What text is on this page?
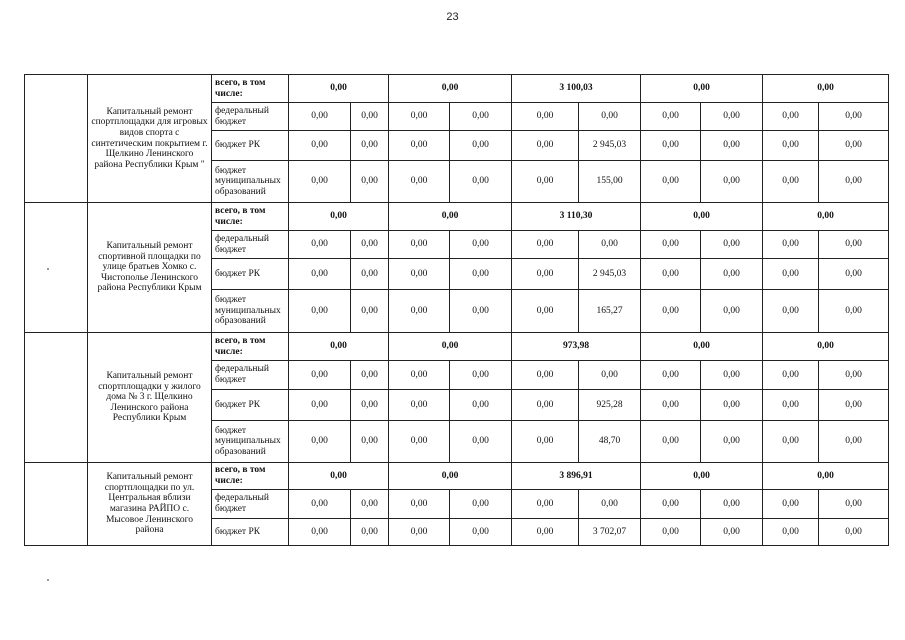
23
	Капитальный ремонт спортплощадки для игровых видов спорта с синтетическим покрытием г. Щелкино Ленинского района Республики Крым "	всего, в том числе:	0,00		0,00		3 100,03		0,00		0,00	
		федеральный бюджет	0,00	0,00	0,00	0,00	0,00	0,00	0,00	0,00	0,00	0,00
		бюджет РК	0,00	0,00	0,00	0,00	0,00	2 945,03	0,00	0,00	0,00	0,00
		бюджет муниципальных образований	0,00	0,00	0,00	0,00	0,00	155,00	0,00	0,00	0,00	0,00
	Капитальный ремонт спортивной площадки по улице братьев Хомко с. Чистополье Ленинского района Республики Крым	всего, в том числе:	0,00		0,00		3 110,30		0,00		0,00	
		федеральный бюджет	0,00	0,00	0,00	0,00	0,00	0,00	0,00	0,00	0,00	0,00
		бюджет РК	0,00	0,00	0,00	0,00	0,00	2 945,03	0,00	0,00	0,00	0,00
		бюджет муниципальных образований	0,00	0,00	0,00	0,00	0,00	165,27	0,00	0,00	0,00	0,00
	Капитальный ремонт спортплощадки у жилого дома № 3 г. Щелкино Ленинского района Республики Крым	всего, в том числе:	0,00		0,00		973,98		0,00		0,00	
		федеральный бюджет	0,00	0,00	0,00	0,00	0,00	0,00	0,00	0,00	0,00	0,00
		бюджет РК	0,00	0,00	0,00	0,00	0,00	925,28	0,00	0,00	0,00	0,00
		бюджет муниципальных образований	0,00	0,00	0,00	0,00	0,00	48,70	0,00	0,00	0,00	0,00
	Капитальный ремонт спортплощадки по ул. Центральная вблизи магазина РАЙПО с. Мысовое Ленинского района	всего, в том числе:	0,00		0,00		3 896,91		0,00		0,00	
		федеральный бюджет	0,00	0,00	0,00	0,00	0,00	0,00	0,00	0,00	0,00	0,00
		бюджет РК	0,00	0,00	0,00	0,00	0,00	3 702,07	0,00	0,00	0,00	0,00
